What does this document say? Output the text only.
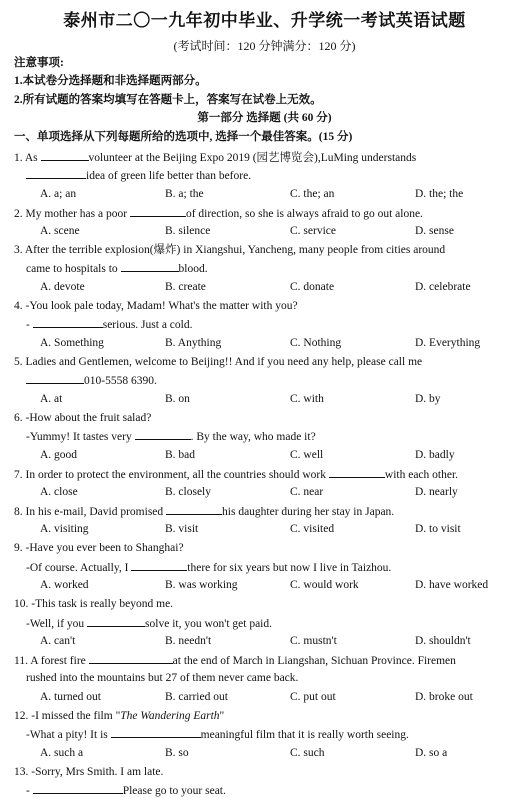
泰州市二〇一九年初中毕业、升学统一考试英语试题
(考试时间：120 分钟满分：120 分)
注意事项:
1.本试卷分选择题和非选择题两部分。
2.所有试题的答案均填写在答题卡上，答案写在试卷上无效。
第一部分 选择题 (共 60 分)
一、单项选择从下列每题所给的选项中, 选择一个最佳答案。(15 分)
1. As	volunteer at the Beijing Expo 2019 (园艺博览会),LuMing understands
idea of green life better than before.
A. a; an	B. a; the	C. the; an	D. the; the
2. My mother has a poor	of direction, so she is always afraid to go out alone.
A. scene	B. silence	C. service	D. sense
3. After the terrible explosion(爆炸) in Xiangshui, Yancheng, many people from cities around
came to hospitals to	blood.
A. devote	B. create	C. donate	D. celebrate
4. -You look pale today, Madam! What's the matter with you?
-	serious. Just a cold.
A. Something	B. Anything	C. Nothing	D. Everything
5. Ladies and Gentlemen, welcome to Beijing!! And if you need any help, please call me
010-5558 6390.
A. at	B. on	C. with	D. by
6. -How about the fruit salad?
-Yummy! It tastes very	. By the way, who made it?
A. good	B. bad	C. well	D. badly
7. In order to protect the environment, all the countries should work	with each other.
A. close	B. closely	C. near	D. nearly
8. In his e-mail, David promised	his daughter during her stay in Japan.
A. visiting	B. visit	C. visited	D. to visit
9. -Have you ever been to Shanghai?
-Of course. Actually, I	there for six years but now I live in Taizhou.
A. worked	B. was working	C. would work	D. have worked
10. -This task is really beyond me.
-Well, if you	solve it, you won't get paid.
A. can't	B. needn't	C. mustn't	D. shouldn't
11. A forest fire	at the end of March in Liangshan, Sichuan Province. Firemen
rushed into the mountains but 27 of them never came back.
A. turned out	B. carried out	C. put out	D. broke out
12. -I missed the film "The Wandering Earth"
-What a pity! It is	meaningful film that it is really worth seeing.
A. such a	B. so	C. such	D. so a
13. -Sorry, Mrs Smith. I am late.
-	Please go to your seat.
